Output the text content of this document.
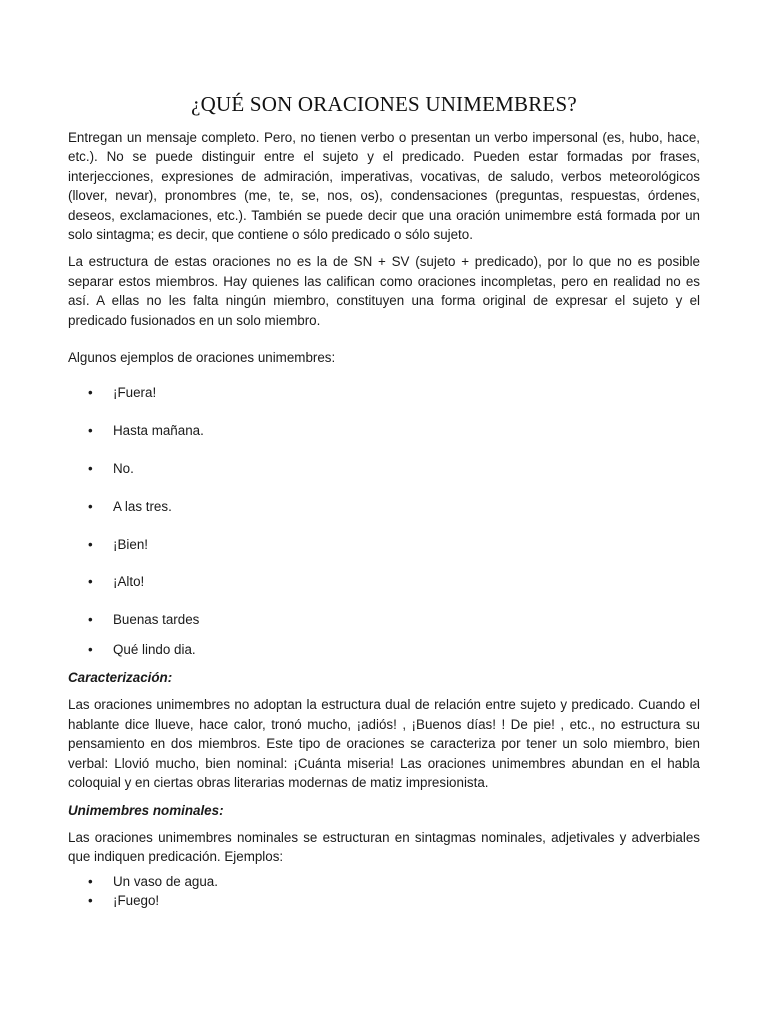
¿QUÉ SON ORACIONES UNIMEMBRES?

Entregan un mensaje completo. Pero, no tienen verbo o presentan un verbo impersonal (es, hubo, hace, etc.). No se puede distinguir entre el sujeto y el predicado. Pueden estar formadas por frases, interjecciones, expresiones de admiración, imperativas, vocativas, de saludo, verbos meteorológicos (llover, nevar), pronombres (me, te, se, nos, os), condensaciones (preguntas, respuestas, órdenes, deseos, exclamaciones, etc.). También se puede decir que una oración unimembre está formada por un solo sintagma; es decir, que contiene o sólo predicado o sólo sujeto.

La estructura de estas oraciones no es la de SN + SV (sujeto + predicado), por lo que no es posible separar estos miembros. Hay quienes las califican como oraciones incompletas, pero en realidad no es así. A ellas no les falta ningún miembro, constituyen una forma original de expresar el sujeto y el predicado fusionados en un solo miembro.

Algunos ejemplos de oraciones unimembres:

• ¡Fuera!
• Hasta mañana.
• No.
• A las tres.
• ¡Bien!
• ¡Alto!
• Buenas tardes
• Qué lindo dia.
Caracterización:

Las oraciones unimembres no adoptan la estructura dual de relación entre sujeto y predicado. Cuando el hablante dice llueve, hace calor, tronó mucho, ¡adiós! , ¡Buenos días! ! De pie! , etc., no estructura su pensamiento en dos miembros. Este tipo de oraciones se caracteriza por tener un solo miembro, bien verbal: Llovió mucho, bien nominal: ¡Cuánta miseria! Las oraciones unimembres abundan en el habla coloquial y en ciertas obras literarias modernas de matiz impresionista.

Unimembres nominales:

Las oraciones unimembres nominales se estructuran en sintagmas nominales, adjetivales y adverbiales que indiquen predicación. Ejemplos:

• Un vaso de agua.
• ¡Fuego!
